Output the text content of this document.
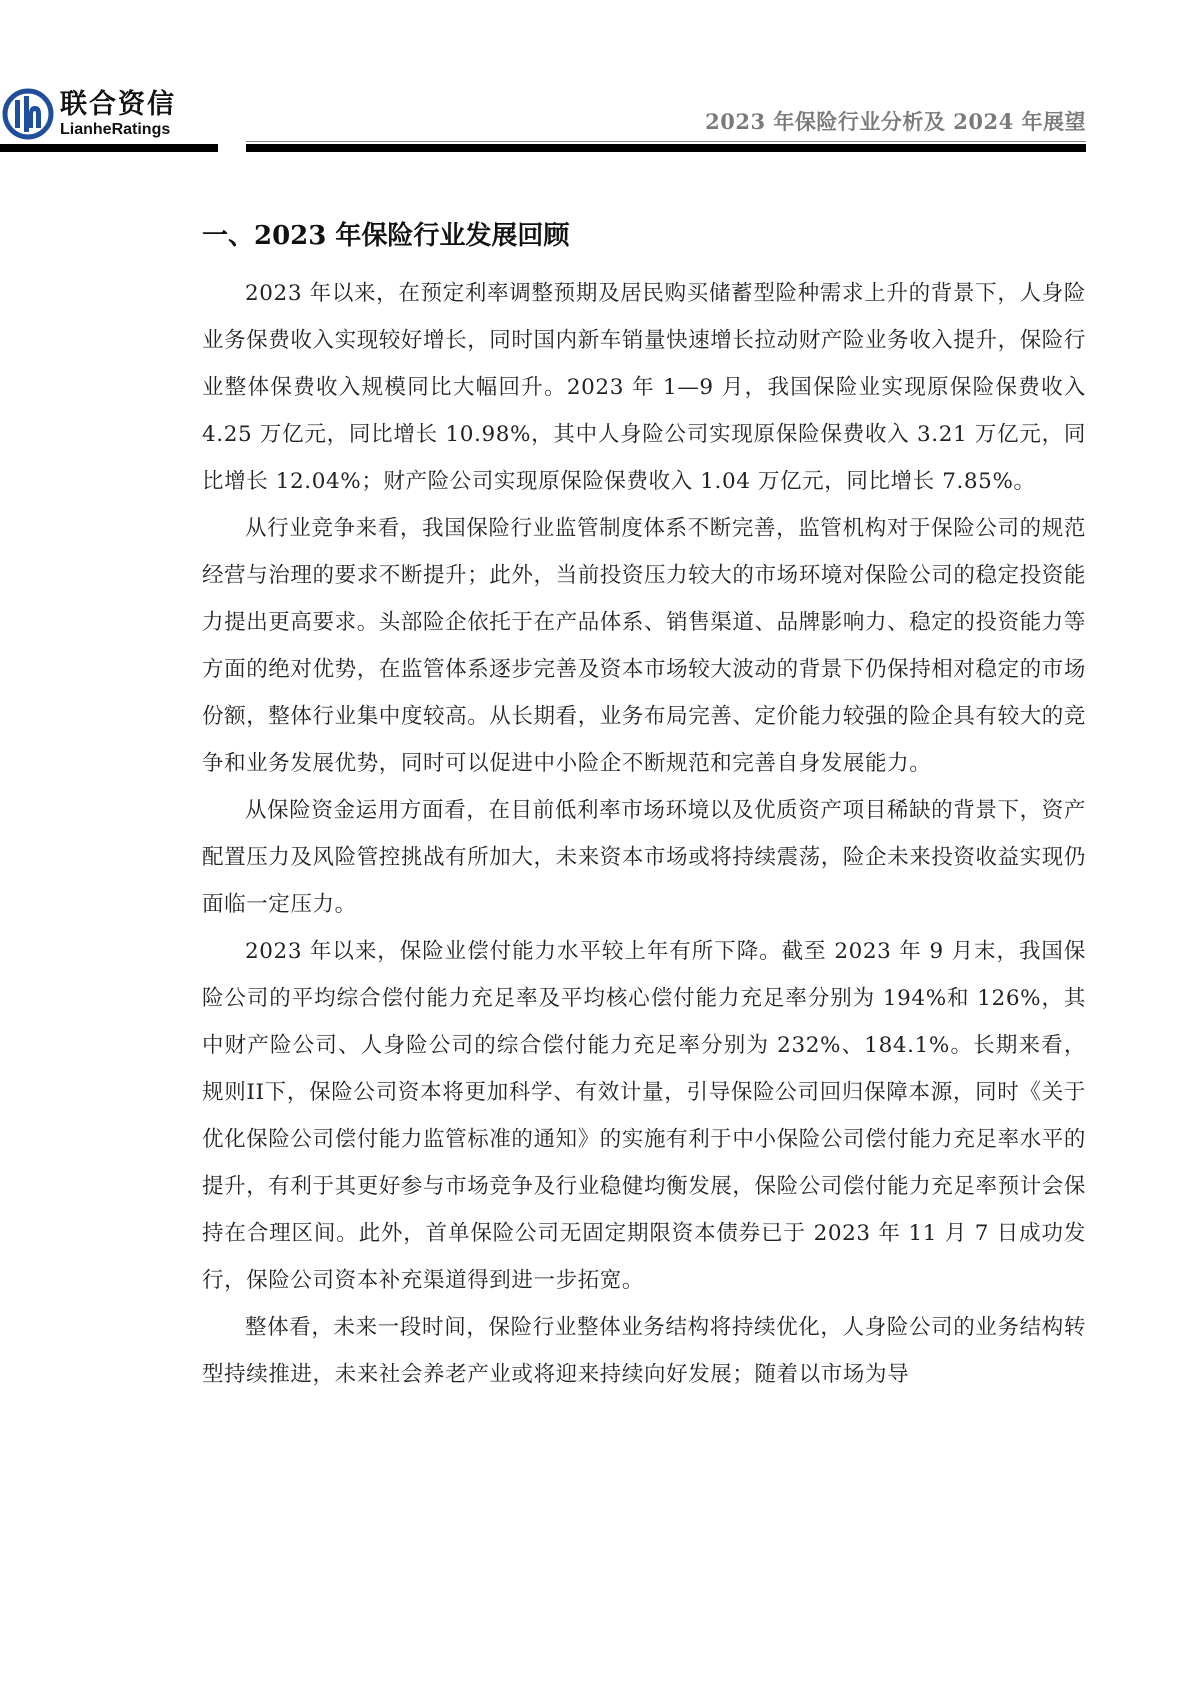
联合资信
LianheRatings	2023 年保险行业分析及 2024 年展望
一、2023 年保险行业发展回顾

2023 年以来，在预定利率调整预期及居民购买储蓄型险种需求上升的背景下，人身险业务保费收入实现较好增长，同时国内新车销量快速增长拉动财产险业务收入提升，保险行业整体保费收入规模同比大幅回升。2023 年 1—9 月，我国保险业实现原保险保费收入 4.25 万亿元，同比增长 10.98%，其中人身险公司实现原保险保费收入 3.21 万亿元，同比增长 12.04%；财产险公司实现原保险保费收入 1.04 万亿元，同比增长 7.85%。

从行业竞争来看，我国保险行业监管制度体系不断完善，监管机构对于保险公司的规范经营与治理的要求不断提升；此外，当前投资压力较大的市场环境对保险公司的稳定投资能力提出更高要求。头部险企依托于在产品体系、销售渠道、品牌影响力、稳定的投资能力等方面的绝对优势，在监管体系逐步完善及资本市场较大波动的背景下仍保持相对稳定的市场份额，整体行业集中度较高。从长期看，业务布局完善、定价能力较强的险企具有较大的竞争和业务发展优势，同时可以促进中小险企不断规范和完善自身发展能力。

从保险资金运用方面看，在目前低利率市场环境以及优质资产项目稀缺的背景下，资产配置压力及风险管控挑战有所加大，未来资本市场或将持续震荡，险企未来投资收益实现仍面临一定压力。

2023 年以来，保险业偿付能力水平较上年有所下降。截至 2023 年 9 月末，我国保险公司的平均综合偿付能力充足率及平均核心偿付能力充足率分别为 194%和 126%，其中财产险公司、人身险公司的综合偿付能力充足率分别为 232%、184.1%。长期来看，规则II下，保险公司资本将更加科学、有效计量，引导保险公司回归保障本源，同时《关于优化保险公司偿付能力监管标准的通知》的实施有利于中小保险公司偿付能力充足率水平的提升，有利于其更好参与市场竞争及行业稳健均衡发展，保险公司偿付能力充足率预计会保持在合理区间。此外，首单保险公司无固定期限资本债券已于 2023 年 11 月 7 日成功发行，保险公司资本补充渠道得到进一步拓宽。

整体看，未来一段时间，保险行业整体业务结构将持续优化，人身险公司的业务结构转型持续推进，未来社会养老产业或将迎来持续向好发展；随着以市场为导
